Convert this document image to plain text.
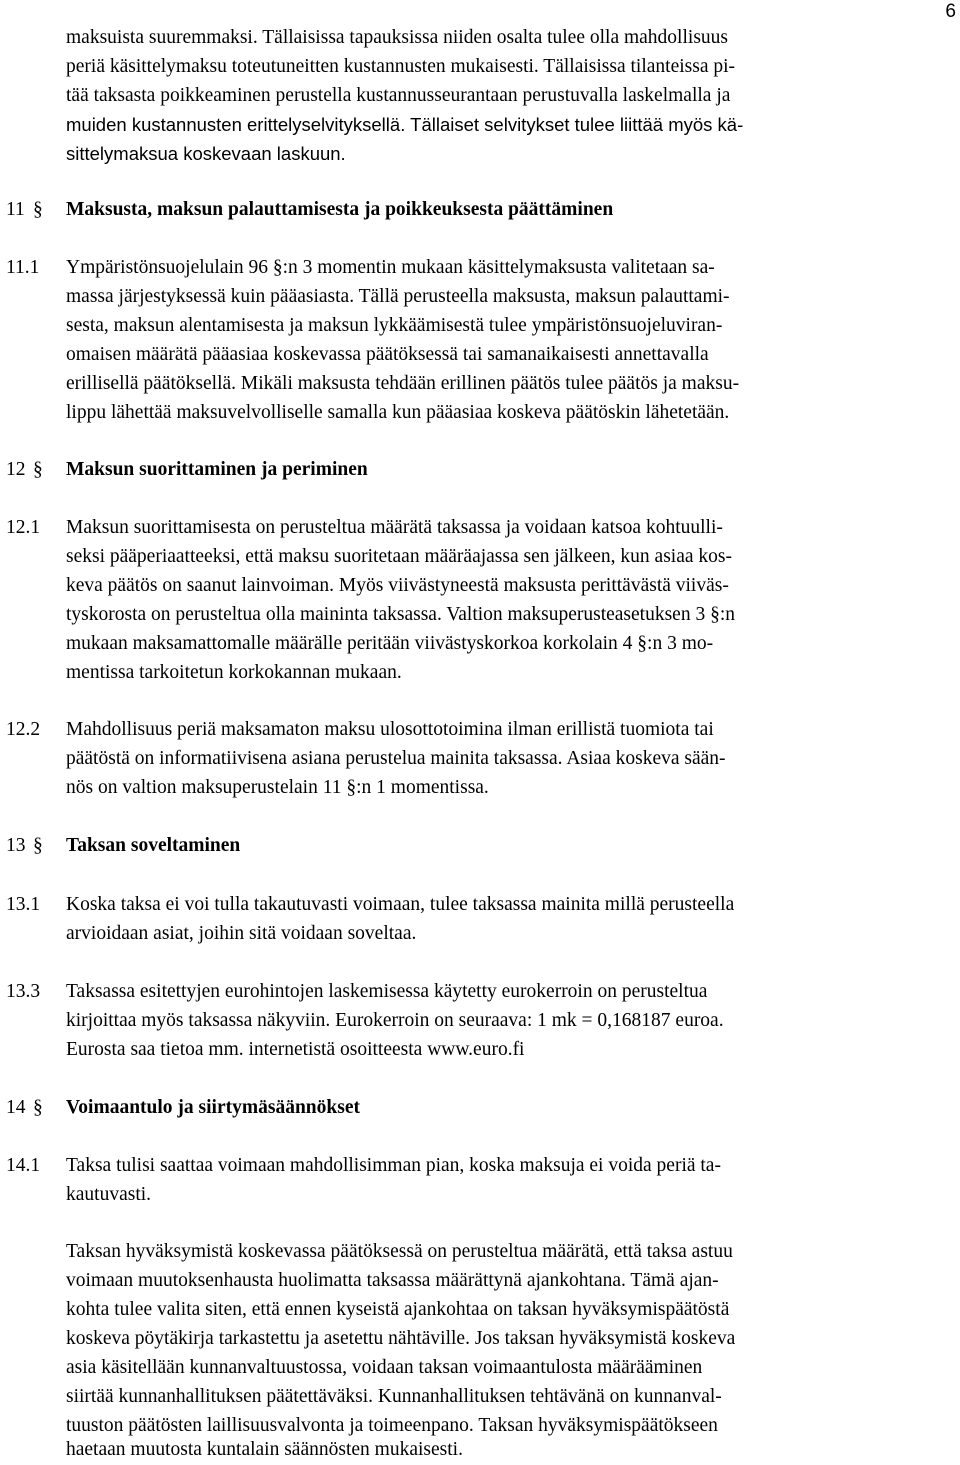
6
maksuista suuremmaksi. Tällaisissa tapauksissa niiden osalta tulee olla mahdollisuus
periä käsittelymaksu toteutuneitten kustannusten mukaisesti. Tällaisissa tilanteissa pi-
tää taksasta poikkeaminen perustella kustannusseurantaan perustuvalla laskelmalla ja
muiden kustannusten erittelyselvityksellä. Tällaiset selvitykset tulee liittää myös kä-
sittelymaksua koskevaan laskuun.
11 § Maksusta, maksun palauttamisesta ja poikkeuksesta päättäminen
11.1 Ympäristönsuojelulain 96 §:n 3 momentin mukaan käsittelymaksusta valitetaan sa-
massa järjestyksessä kuin pääasiasta. Tällä perusteella maksusta, maksun palauttami-
sesta, maksun alentamisesta ja maksun lykkäämisestä tulee ympäristönsuojeluviran-
omaisen määrätä pääasiaa koskevassa päätöksessä tai samanaikaisesti annettavalla
erillisellä päätöksellä. Mikäli maksusta tehdään erillinen päätös tulee päätös ja maksu-
lippu lähettää maksuvelvolliselle samalla kun pääasiaa koskeva päätöskin lähetetään.
12 § Maksun suorittaminen ja periminen
12.1 Maksun suorittamisesta on perusteltua määrätä taksassa ja voidaan katsoa kohtuulli-
seksi pääperiaatteeksi, että maksu suoritetaan määräajassa sen jälkeen, kun asiaa kos-
keva päätös on saanut lainvoiman. Myös viivästyneestä maksusta perittävästä viiväs-
tyskorosta on perusteltua olla maininta taksassa. Valtion maksuperusteasetuksen 3 §:n
mukaan maksamattomalle määrälle peritään viivästyskorkoa korkolain 4 §:n 3 mo-
mentissa tarkoitetun korkokannan mukaan.
12.2 Mahdollisuus periä maksamaton maksu ulosottotoimina ilman erillistä tuomiota tai
päätöstä on informatiivisena asiana perustelua mainita taksassa. Asiaa koskeva sään-
nös on valtion maksuperustelain 11 §:n 1 momentissa.
13 § Taksan soveltaminen
13.1 Koska taksa ei voi tulla takautuvasti voimaan, tulee taksassa mainita millä perusteella
arvioidaan asiat, joihin sitä voidaan soveltaa.
13.3 Taksassa esitettyjen eurohintojen laskemisessa käytetty eurokerroin on perusteltua
kirjoittaa myös taksassa näkyviin. Eurokerroin on seuraava: 1 mk = 0,168187 euroa.
Eurosta saa tietoa mm. internetistä osoitteesta www.euro.fi
14 § Voimaantulo ja siirtymäsäännökset
14.1 Taksa tulisi saattaa voimaan mahdollisimman pian, koska maksuja ei voida periä ta-
kautuvasti.
Taksan hyväksymistä koskevassa päätöksessä on perusteltua määrätä, että taksa astuu
voimaan muutoksenhausta huolimatta taksassa määrättynä ajankohtana. Tämä ajan-
kohta tulee valita siten, että ennen kyseistä ajankohtaa on taksan hyväksymispäätöstä
koskeva pöytäkirja tarkastettu ja asetettu nähtäville. Jos taksan hyväksymistä koskeva
asia käsitellään kunnanvaltuustossa, voidaan taksan voimaantulosta määrääminen
siirtää kunnanhallituksen päätettäväksi. Kunnanhallituksen tehtävänä on kunnanval-
tuuston päätösten laillisuusvalvonta ja toimeenpano. Taksan hyväksymispäätökseen
haetaan muutosta kuntalain säännösten mukaisesti.
